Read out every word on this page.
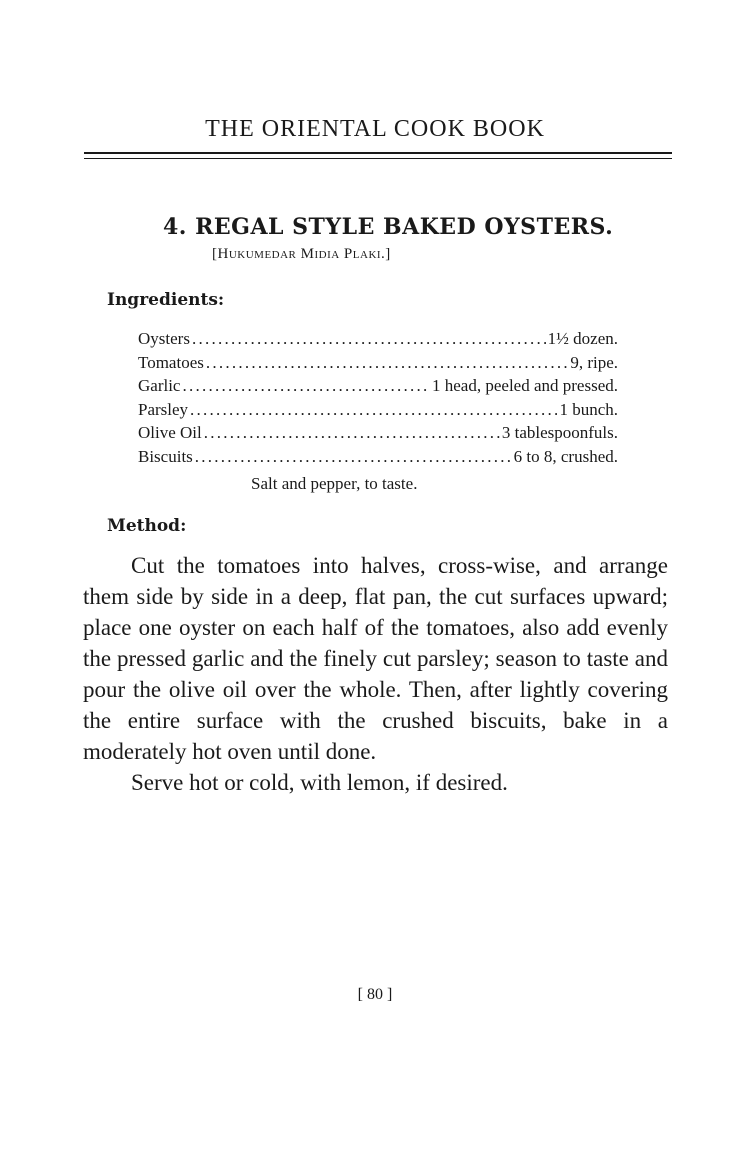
THE ORIENTAL COOK BOOK
4. REGAL STYLE BAKED OYSTERS.
[Hukumedar Midia Plaki.]
Ingredients:
Oysters . . .	1½ dozen.
Tomatoes . . .	9, ripe.
Garlic . . .	1 head, peeled and pressed.
Parsley . . .	1 bunch.
Olive Oil . . .	3 tablespoonfuls.
Biscuits . . .	6 to 8, crushed.
Salt and pepper, to taste.
Method:

Cut the tomatoes into halves, cross-wise, and arrange them side by side in a deep, flat pan, the cut surfaces upward; place one oyster on each half of the tomatoes, also add evenly the pressed garlic and the finely cut parsley; season to taste and pour the olive oil over the whole. Then, after lightly covering the entire surface with the crushed biscuits, bake in a moderately hot oven until done.

Serve hot or cold, with lemon, if desired.

[ 80 ]
